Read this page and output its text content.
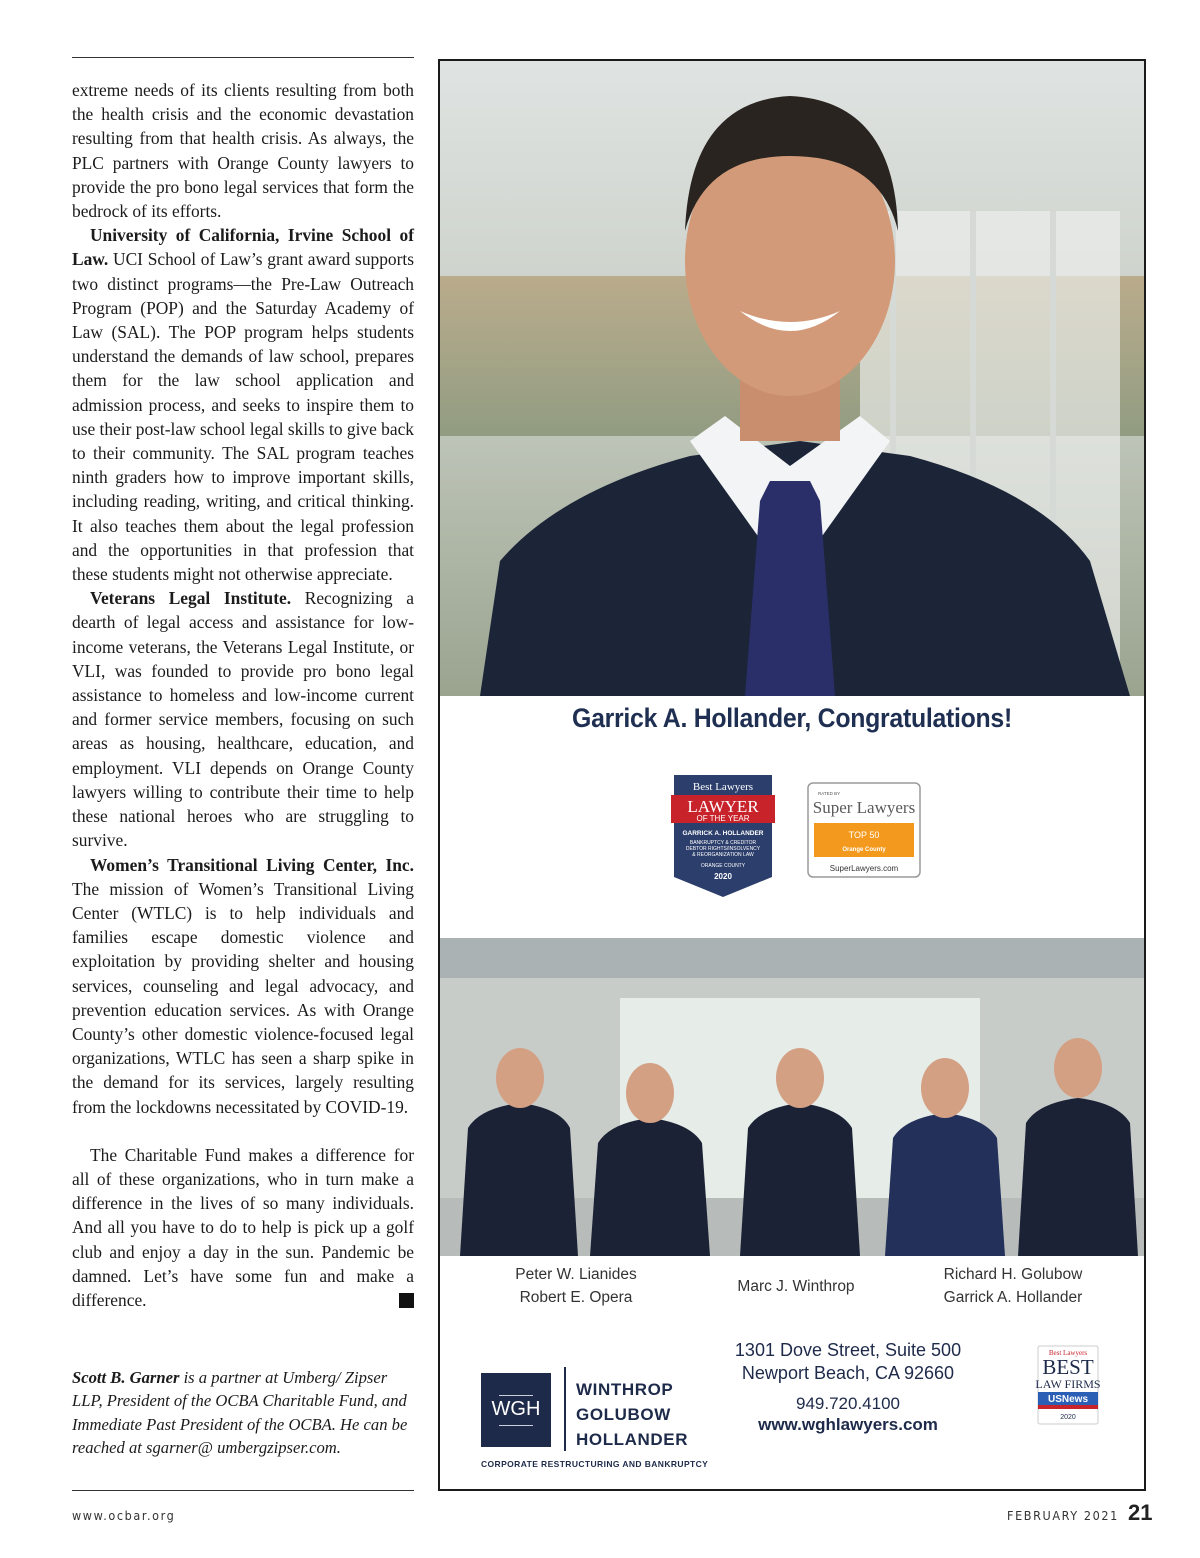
extreme needs of its clients resulting from both the health crisis and the economic devastation resulting from that health crisis. As always, the PLC partners with Orange County lawyers to provide the pro bono legal services that form the bedrock of its efforts.

University of California, Irvine School of Law. UCI School of Law’s grant award supports two distinct programs—the Pre-Law Outreach Program (POP) and the Saturday Academy of Law (SAL). The POP program helps students understand the demands of law school, prepares them for the law school application and admission process, and seeks to inspire them to use their post-law school legal skills to give back to their community. The SAL program teaches ninth graders how to improve important skills, including reading, writing, and critical thinking. It also teaches them about the legal profession and the opportunities in that profession that these students might not otherwise appreciate.

Veterans Legal Institute. Recognizing a dearth of legal access and assistance for low-income veterans, the Veterans Legal Institute, or VLI, was founded to provide pro bono legal assistance to homeless and low-income current and former service members, focusing on such areas as housing, healthcare, education, and employment. VLI depends on Orange County lawyers willing to contribute their time to help these national heroes who are struggling to survive.

Women’s Transitional Living Center, Inc. The mission of Women’s Transitional Living Center (WTLC) is to help individuals and families escape domestic violence and exploitation by providing shelter and housing services, counseling and legal advocacy, and prevention education services. As with Orange County’s other domestic violence-focused legal organizations, WTLC has seen a sharp spike in the demand for its services, largely resulting from the lockdowns necessitated by COVID-19.

The Charitable Fund makes a difference for all of these organizations, who in turn make a difference in the lives of so many individuals. And all you have to do to help is pick up a golf club and enjoy a day in the sun. Pandemic be damned. Let’s have some fun and make a difference.	✎

Scott B. Garner is a partner at Umberg/ Zipser LLP, President of the OCBA Charitable Fund, and Immediate Past President of the OCBA. He can be reached at sgarner@ umbergzipser.com.
www.ocbar.org	FEBRUARY 2021 21
Garrick A. Hollander, Congratulations!
Best Lawyers
LAWYER
OF THE YEAR
GARRICK A. HOLLANDER
BANKRUPTCY & CREDITOR
DEBTOR RIGHTS/INSOLVENCY
& REORGANIZATION LAW
ORANGE COUNTY
2020
RATED BY
Super Lawyers
TOP 50
Orange County
SuperLawyers.com
Peter W. Lianides
Robert E. Opera
Marc J. Winthrop
Richard H. Golubow
Garrick A. Hollander
WGH
WINTHROP
GOLUBOW
HOLLANDER
CORPORATE RESTRUCTURING AND BANKRUPTCY
1301 Dove Street, Suite 500
Newport Beach, CA 92660
949.720.4100
www.wghlawyers.com
Best Lawyers
BEST
LAW FIRMS
USNews
2020
